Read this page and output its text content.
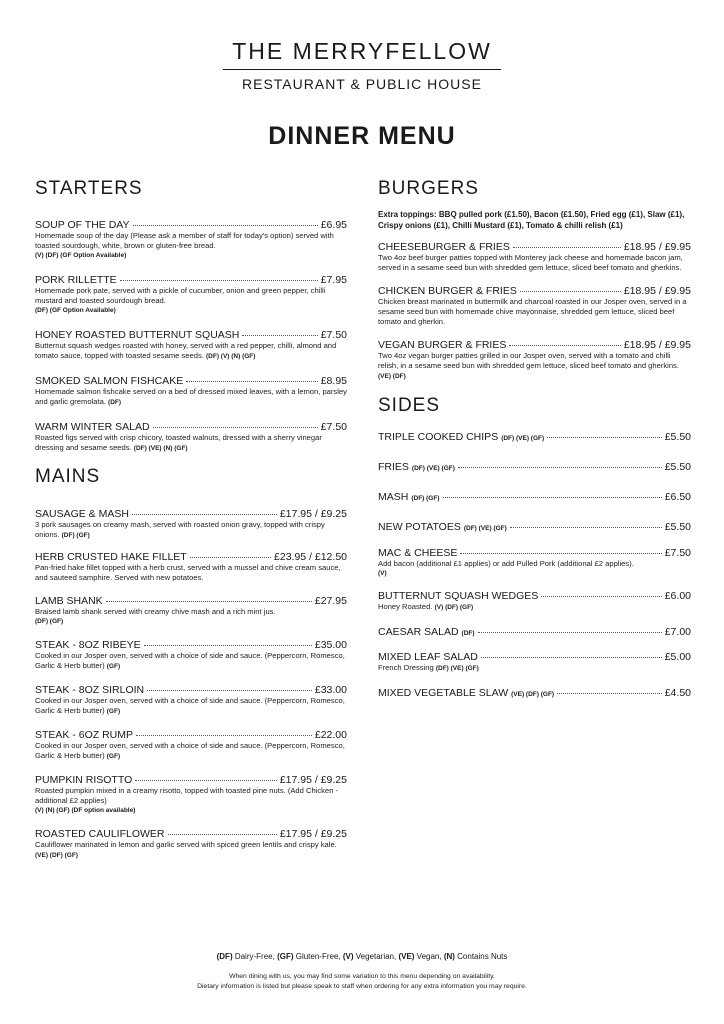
THE MERRYFELLOW
RESTAURANT & PUBLIC HOUSE
DINNER MENU
STARTERS
SOUP OF THE DAY	£6.95
Homemade soup of the day (Please ask a member of staff for today's option) served with toasted sourdough, white, brown or gluten-free bread.
(V) (DF) (GF Option Available)
PORK RILLETTE	£7.95
Homemade pork pate, served with a pickle of cucumber, onion and green pepper, chilli mustard and toasted sourdough bread.
(DF) (GF Option Available)
HONEY ROASTED BUTTERNUT SQUASH	£7.50
Butternut squash wedges roasted with honey, served with a red pepper, chilli, almond and tomato sauce, topped with toasted sesame seeds. (DF) (V) (N) (GF)
SMOKED SALMON FISHCAKE	£8.95
Homemade salmon fishcake served on a bed of dressed mixed leaves, with a lemon, parsley and garlic gremolata. (DF)
WARM WINTER SALAD	£7.50
Roasted figs served with crisp chicory, toasted walnuts, dressed with a sherry vinegar dressing and sesame seeds. (DF) (VE) (N) (GF)
MAINS
SAUSAGE & MASH	£17.95 / £9.25
3 pork sausages on creamy mash, served with roasted onion gravy, topped with crispy onions. (DF) (GF)
HERB CRUSTED HAKE FILLET	£23.95 / £12.50
Pan-fried hake fillet topped with a herb crust, served with a mussel and chive cream sauce, and sauteed samphire. Served with new potatoes.
LAMB SHANK	£27.95
Braised lamb shank served with creamy chive mash and a rich mint jus.
(DF) (GF)
STEAK - 8OZ RIBEYE	£35.00
Cooked in our Josper oven, served with a choice of side and sauce. (Peppercorn, Romesco, Garlic & Herb butter) (GF)
STEAK - 8OZ SIRLOIN	£33.00
Cooked in our Josper oven, served with a choice of side and sauce. (Peppercorn, Romesco, Garlic & Herb butter) (GF)
STEAK - 6OZ RUMP	£22.00
Cooked in our Josper oven, served with a choice of side and sauce. (Peppercorn, Romesco, Garlic & Herb butter) (GF)
PUMPKIN RISOTTO	£17.95 / £9.25
Roasted pumpkin mixed in a creamy risotto, topped with toasted pine nuts. (Add Chicken - additional £2 applies)
(V) (N) (GF) (DF option available)
ROASTED CAULIFLOWER	£17.95 / £9.25
Cauliflower marinated in lemon and garlic served with spiced green lentils and crispy kale. (VE) (DF) (GF)
BURGERS
Extra toppings: BBQ pulled pork (£1.50), Bacon (£1.50), Fried egg (£1), Slaw (£1), Crispy onions (£1), Chilli Mustard (£1), Tomato & chilli relish (£1)
CHEESEBURGER & FRIES	£18.95 / £9.95
Two 4oz beef burger patties topped with Monterey jack cheese and homemade bacon jam, served in a sesame seed bun with shredded gem lettuce, sliced beef tomato and gherkins.
CHICKEN BURGER & FRIES	£18.95 / £9.95
Chicken breast marinated in buttermilk and charcoal roasted in our Josper oven, served in a sesame seed bun with homemade chive mayonnaise, shredded gem lettuce, sliced beef tomato and gherkin.
VEGAN BURGER & FRIES	£18.95 / £9.95
Two 4oz vegan burger patties grilled in our Josper oven, served with a tomato and chilli relish, in a sesame seed bun with shredded gem lettuce, sliced beef tomato and gherkins. (VE) (DF)
SIDES
TRIPLE COOKED CHIPS (DF) (VE) (GF)	£5.50
FRIES (DF) (VE) (GF)	£5.50
MASH (DF) (GF)	£6.50
NEW POTATOES (DF) (VE) (GF)	£5.50
MAC & CHEESE	£7.50
Add bacon (additional £1 applies) or add Pulled Pork (additional £2 applies).
(V)
BUTTERNUT SQUASH WEDGES	£6.00
Honey Roasted. (V) (DF) (GF)
CAESAR SALAD (DF)	£7.00
MIXED LEAF SALAD	£5.00
French Dressing (DF) (VE) (GF)
MIXED VEGETABLE SLAW (VE) (DF) (GF)	£4.50
(DF) Dairy-Free, (GF) Gluten-Free, (V) Vegetarian, (VE) Vegan, (N) Contains Nuts
When dining with us, you may find some variation to this menu depending on availability.
Dietary information is listed but please speak to staff when ordering for any extra information you may require.
